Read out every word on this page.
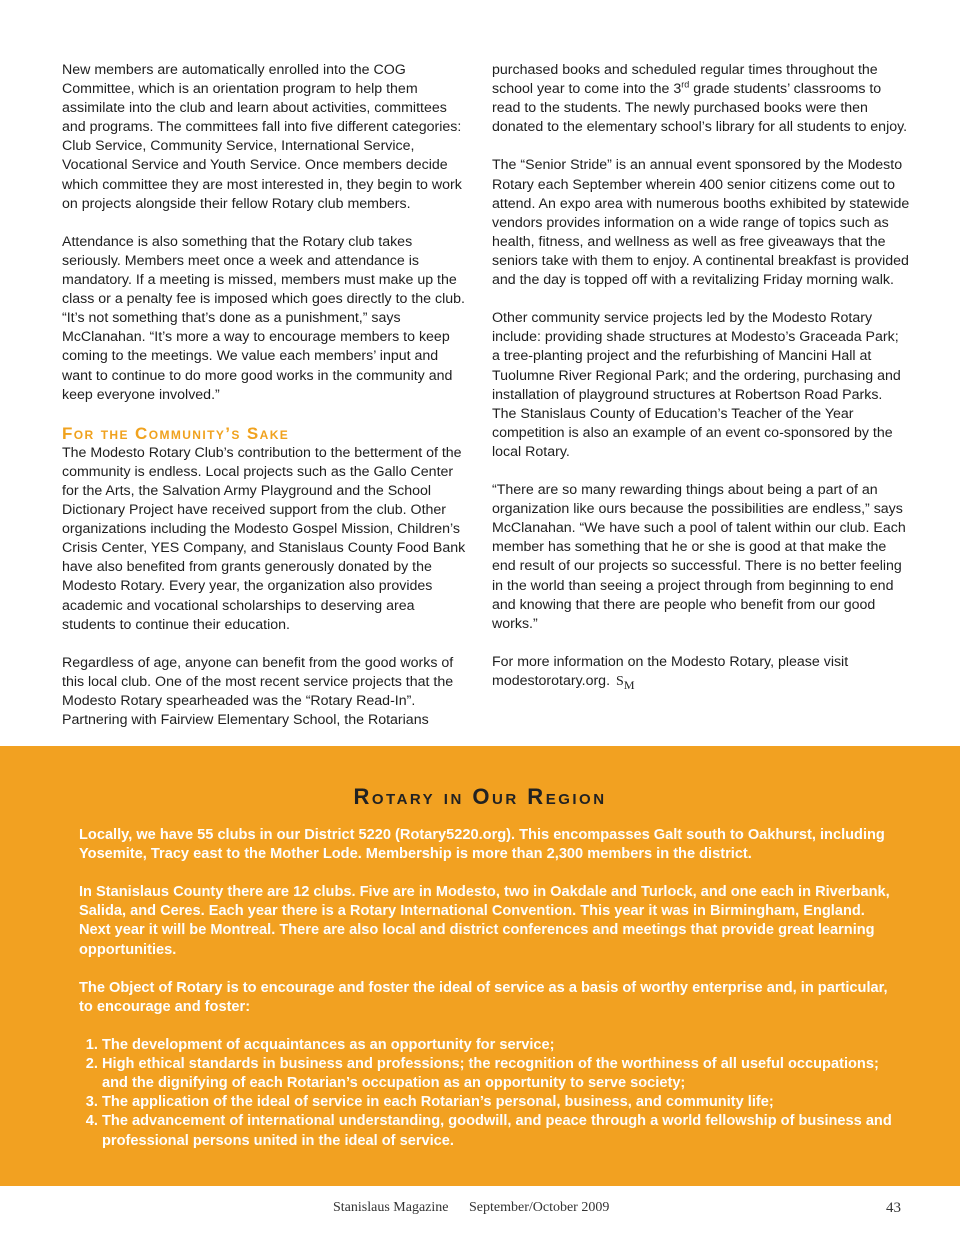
New members are automatically enrolled into the COG Committee, which is an orientation program to help them assimilate into the club and learn about activities, committees and programs. The committees fall into five different categories: Club Service, Community Service, International Service, Vocational Service and Youth Service. Once members decide which committee they are most interested in, they begin to work on projects alongside their fellow Rotary club members.

Attendance is also something that the Rotary club takes seriously. Members meet once a week and attendance is mandatory. If a meeting is missed, members must make up the class or a penalty fee is imposed which goes directly to the club. “It’s not something that’s done as a punishment,” says McClanahan. “It’s more a way to encourage members to keep coming to the meetings. We value each members’ input and want to continue to do more good works in the community and keep everyone involved.”

For the Community’s Sake

The Modesto Rotary Club’s contribution to the betterment of the community is endless. Local projects such as the Gallo Center for the Arts, the Salvation Army Playground and the School Dictionary Project have received support from the club. Other organizations including the Modesto Gospel Mission, Children’s Crisis Center, YES Company, and Stanislaus County Food Bank have also benefited from grants generously donated by the Modesto Rotary. Every year, the organization also provides academic and vocational scholarships to deserving area students to continue their education.

Regardless of age, anyone can benefit from the good works of this local club. One of the most recent service projects that the Modesto Rotary spearheaded was the “Rotary Read-In”. Partnering with Fairview Elementary School, the Rotarians

purchased books and scheduled regular times throughout the school year to come into the 3rd grade students’ classrooms to read to the students. The newly purchased books were then donated to the elementary school’s library for all students to enjoy.

The “Senior Stride” is an annual event sponsored by the Modesto Rotary each September wherein 400 senior citizens come out to attend. An expo area with numerous booths exhibited by statewide vendors provides information on a wide range of topics such as health, fitness, and wellness as well as free giveaways that the seniors take with them to enjoy. A continental breakfast is provided and the day is topped off with a revitalizing Friday morning walk.

Other community service projects led by the Modesto Rotary include: providing shade structures at Modesto’s Graceada Park; a tree-planting project and the refurbishing of Mancini Hall at Tuolumne River Regional Park; and the ordering, purchasing and installation of playground structures at Robertson Road Parks. The Stanislaus County of Education’s Teacher of the Year competition is also an example of an event co-sponsored by the local Rotary.

“There are so many rewarding things about being a part of an organization like ours because the possibilities are endless,” says McClanahan. “We have such a pool of talent within our club. Each member has something that he or she is good at that make the end result of our projects so successful. There is no better feeling in the world than seeing a project through from beginning to end and knowing that there are people who benefit from our good works.”

For more information on the Modesto Rotary, please visit modestorotary.org. $S_M$

Rotary in Our Region

Locally, we have 55 clubs in our District 5220 (Rotary5220.org). This encompasses Galt south to Oakhurst, including Yosemite, Tracy east to the Mother Lode. Membership is more than 2,300 members in the district.

In Stanislaus County there are 12 clubs. Five are in Modesto, two in Oakdale and Turlock, and one each in Riverbank, Salida, and Ceres. Each year there is a Rotary International Convention. This year it was in Birmingham, England. Next year it will be Montreal. There are also local and district conferences and meetings that provide great learning opportunities.

The Object of Rotary is to encourage and foster the ideal of service as a basis of worthy enterprise and, in particular, to encourage and foster:

1. The development of acquaintances as an opportunity for service;
2. High ethical standards in business and professions; the recognition of the worthiness of all useful occupations; and the dignifying of each Rotarian’s occupation as an opportunity to serve society;
3. The application of the ideal of service in each Rotarian’s personal, business, and community life;
4. The advancement of international understanding, goodwill, and peace through a world fellowship of business and professional persons united in the ideal of service.
Stanislaus Magazine September/October 2009	43
